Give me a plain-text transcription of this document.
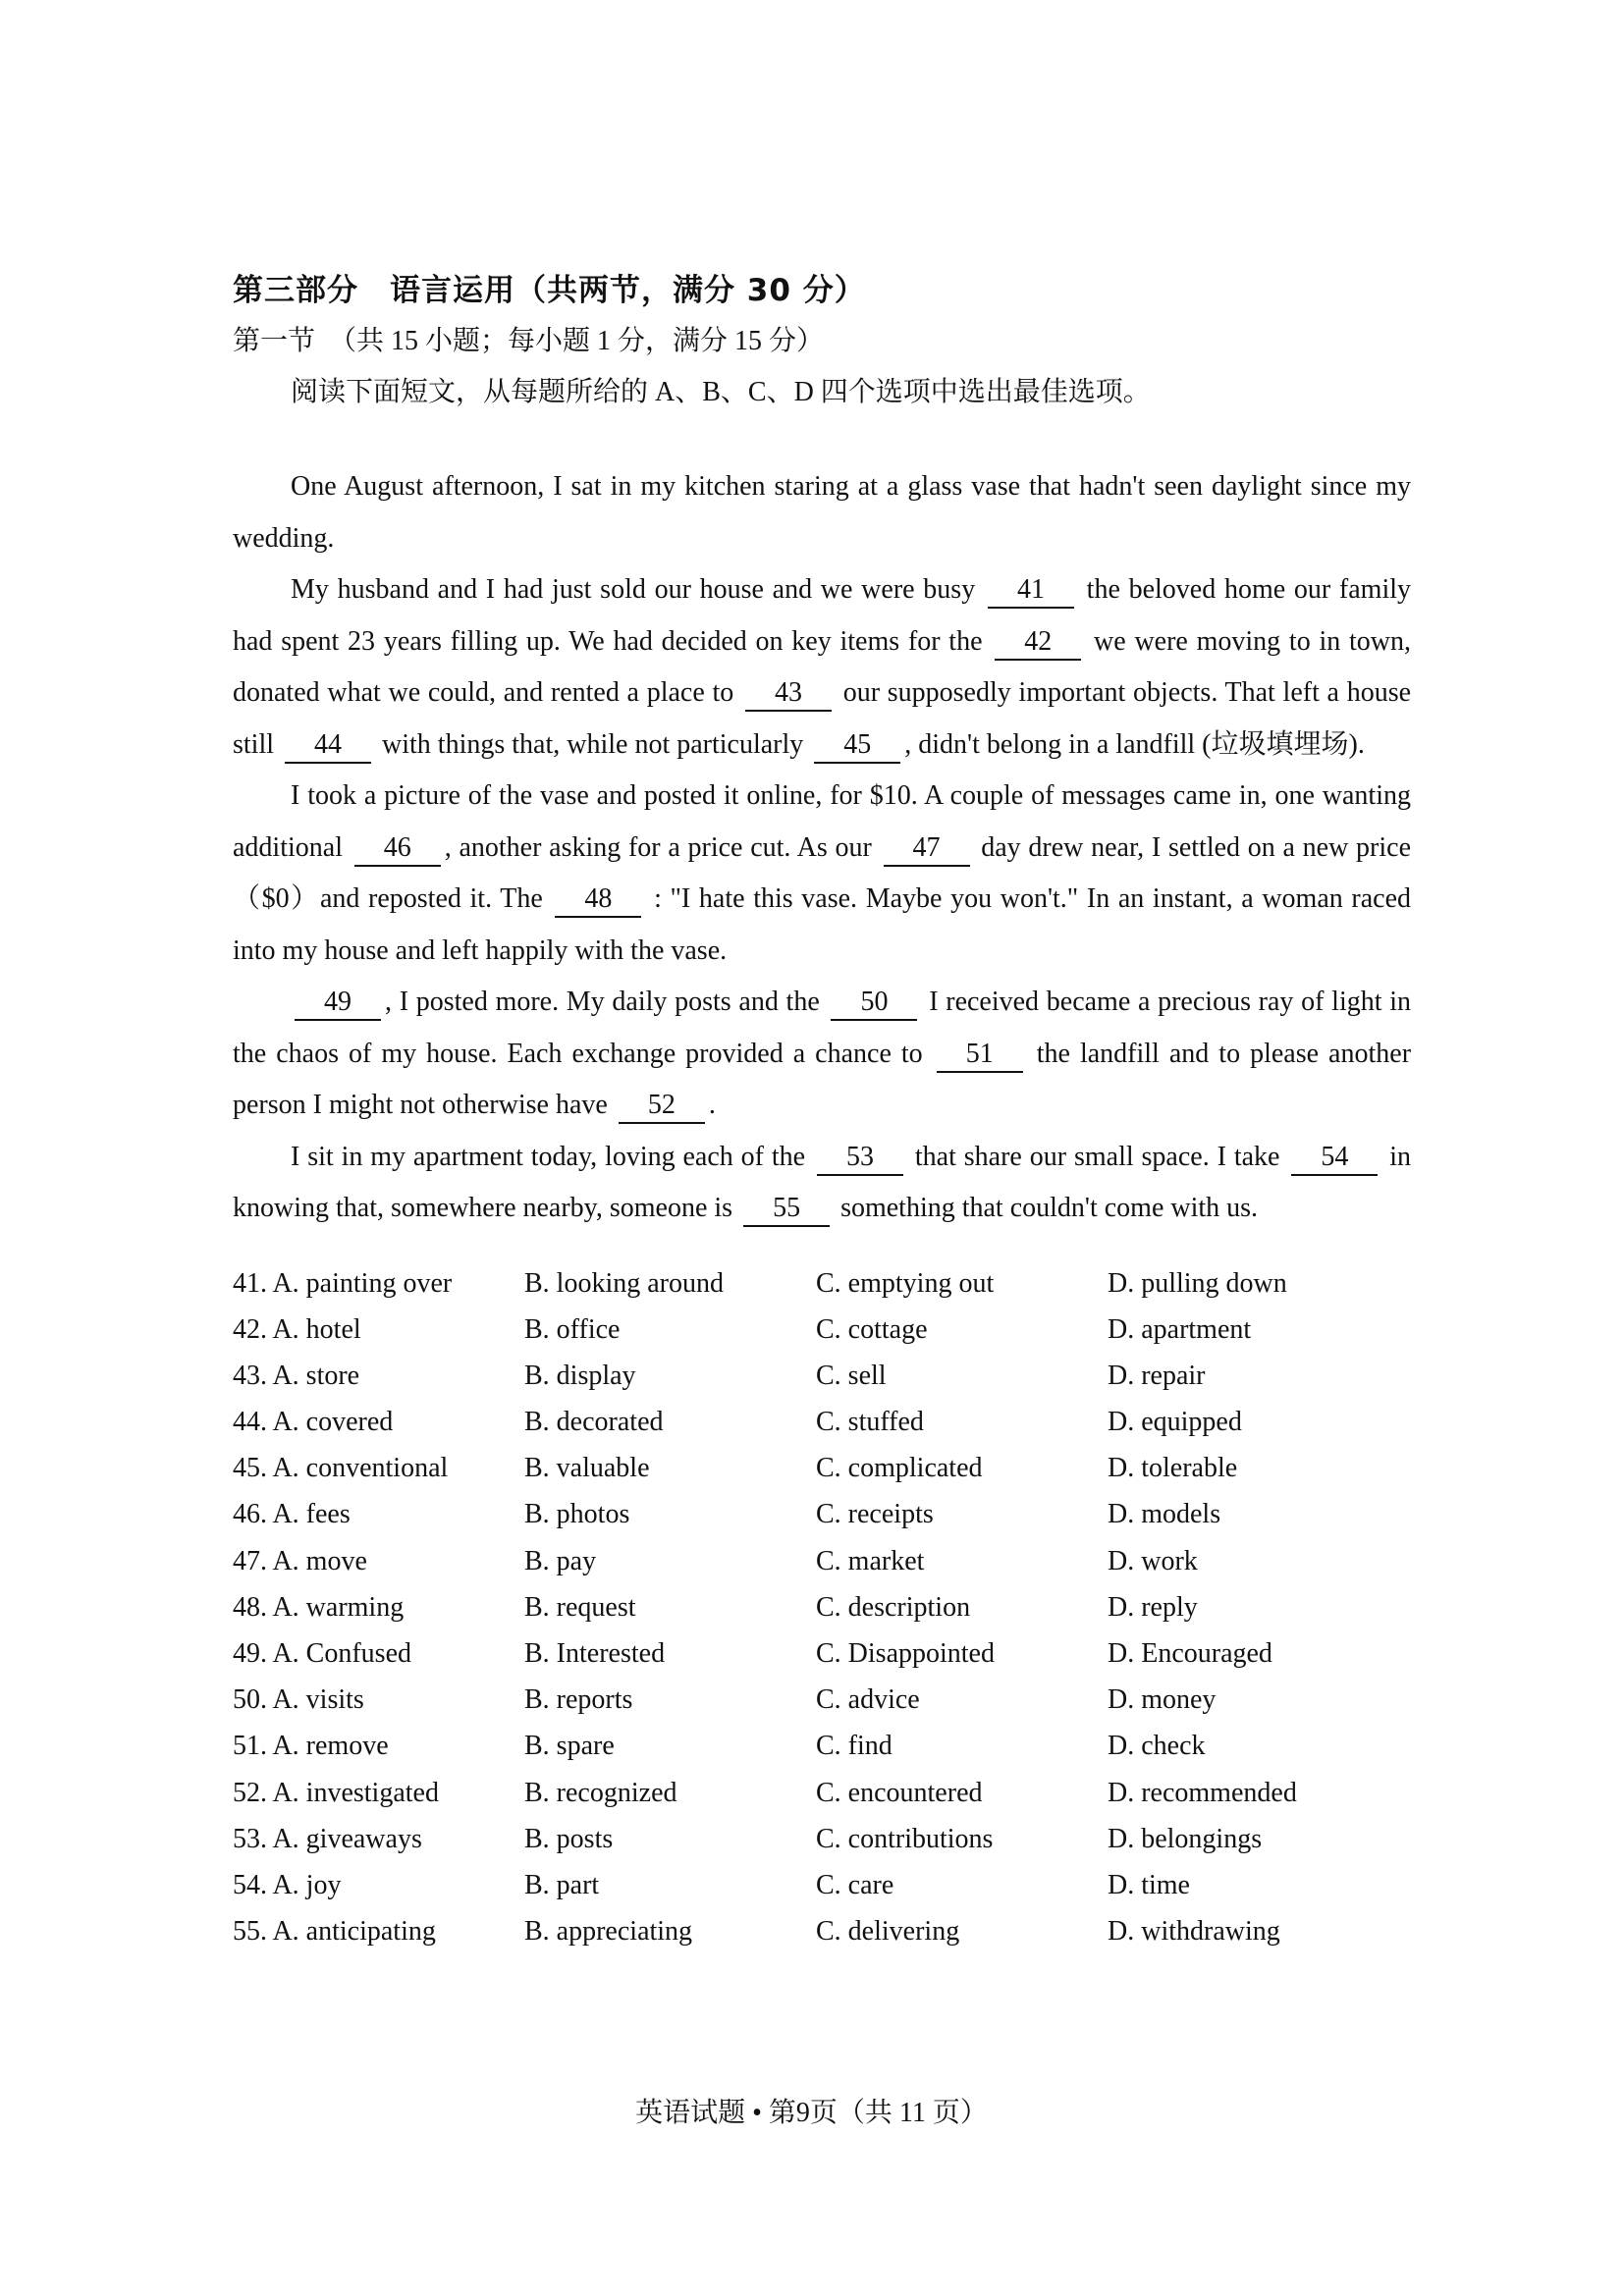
第三部分　语言运用（共两节，满分 30 分）
第一节　（共 15 小题；每小题 1 分，满分 15 分）
阅读下面短文，从每题所给的 A、B、C、D 四个选项中选出最佳选项。

One August afternoon, I sat in my kitchen staring at a glass vase that hadn't seen daylight since my wedding.

My husband and I had just sold our house and we were busy 41 the beloved home our family had spent 23 years filling up. We had decided on key items for the 42 we were moving to in town, donated what we could, and rented a place to 43 our supposedly important objects. That left a house still 44 with things that, while not particularly 45 , didn't belong in a landfill (垃圾填埋场).

I took a picture of the vase and posted it online, for $10. A couple of messages came in, one wanting additional 46 , another asking for a price cut. As our 47 day drew near, I settled on a new price（$0）and reposted it. The 48 : "I hate this vase. Maybe you won't." In an instant, a woman raced into my house and left happily with the vase.

49 , I posted more. My daily posts and the 50 I received became a precious ray of light in the chaos of my house. Each exchange provided a chance to 51 the landfill and to please another person I might not otherwise have 52 .

I sit in my apartment today, loving each of the 53 that share our small space. I take 54 in knowing that, somewhere nearby, someone is 55 something that couldn't come with us.

41. A. painting over	B. looking around	C. emptying out	D. pulling down
42. A. hotel	B. office	C. cottage	D. apartment
43. A. store	B. display	C. sell	D. repair
44. A. covered	B. decorated	C. stuffed	D. equipped
45. A. conventional	B. valuable	C. complicated	D. tolerable
46. A. fees	B. photos	C. receipts	D. models
47. A. move	B. pay	C. market	D. work
48. A. warming	B. request	C. description	D. reply
49. A. Confused	B. Interested	C. Disappointed	D. Encouraged
50. A. visits	B. reports	C. advice	D. money
51. A. remove	B. spare	C. find	D. check
52. A. investigated	B. recognized	C. encountered	D. recommended
53. A. giveaways	B. posts	C. contributions	D. belongings
54. A. joy	B. part	C. care	D. time
55. A. anticipating	B. appreciating	C. delivering	D. withdrawing
英语试题 • 第9页（共 11 页）
